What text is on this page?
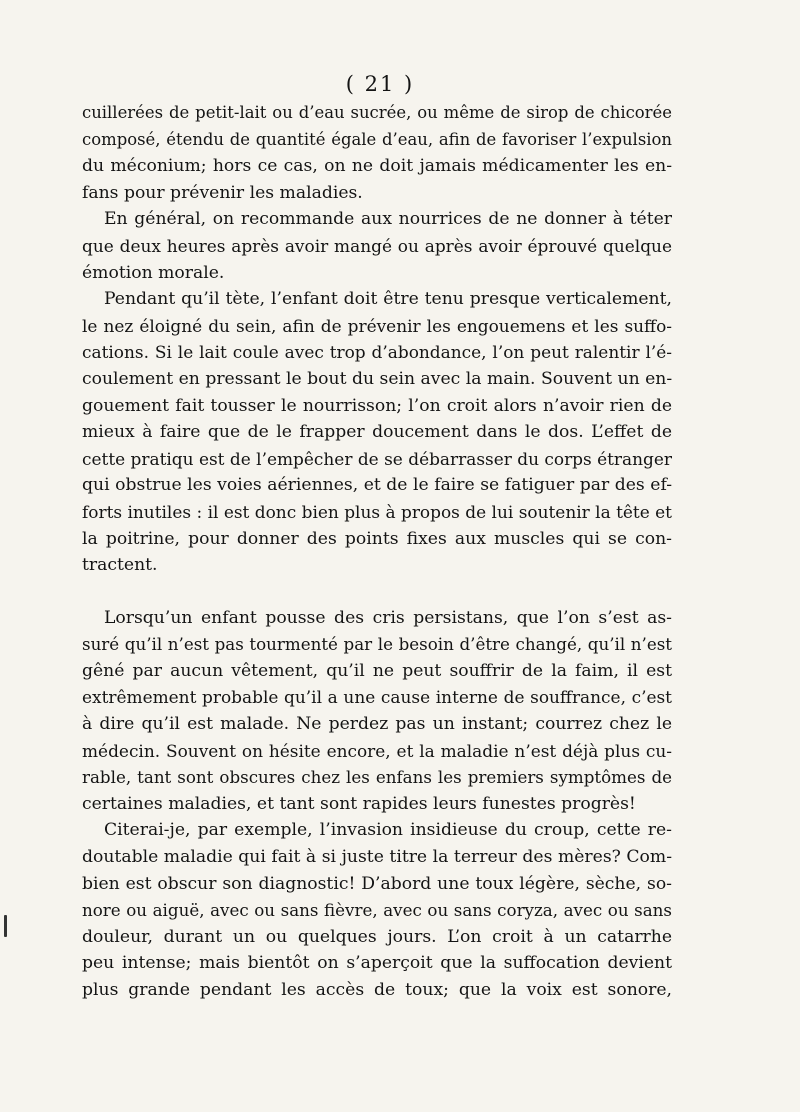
( 21 )
cuillerées de petit-lait ou d’eau sucrée, ou même de sirop de chicorée
composé, étendu de quantité égale d’eau, afin de favoriser l’expulsion
du méconium; hors ce cas, on ne doit jamais médicamenter les en-
fans pour prévenir les maladies.
En général, on recommande aux nourrices de ne donner à téter
que deux heures après avoir mangé ou après avoir éprouvé quelque
émotion morale.
Pendant qu’il tète, l’enfant doit être tenu presque verticalement,
le nez éloigné du sein, afin de prévenir les engouemens et les suffo-
cations. Si le lait coule avec trop d’abondance, l’on peut ralentir l’é-
coulement en pressant le bout du sein avec la main. Souvent un en-
gouement fait tousser le nourrisson; l’on croit alors n’avoir rien de
mieux à faire que de le frapper doucement dans le dos. L’effet de
cette pratiqu est de l’empêcher de se débarrasser du corps étranger
qui obstrue les voies aériennes, et de le faire se fatiguer par des ef-
forts inutiles : il est donc bien plus à propos de lui soutenir la tête et
la poitrine, pour donner des points fixes aux muscles qui se con-
tractent.
Lorsqu’un enfant pousse des cris persistans, que l’on s’est as-
suré qu’il n’est pas tourmenté par le besoin d’être changé, qu’il n’est
gêné par aucun vêtement, qu’il ne peut souffrir de la faim, il est
extrêmement probable qu’il a une cause interne de souffrance, c’est
à dire qu’il est malade. Ne perdez pas un instant; courrez chez le
médecin. Souvent on hésite encore, et la maladie n’est déjà plus cu-
rable, tant sont obscures chez les enfans les premiers symptômes de
certaines maladies, et tant sont rapides leurs funestes progrès!
Citerai-je, par exemple, l’invasion insidieuse du croup, cette re-
doutable maladie qui fait à si juste titre la terreur des mères? Com-
bien est obscur son diagnostic! D’abord une toux légère, sèche, so-
nore ou aiguë, avec ou sans fièvre, avec ou sans coryza, avec ou sans
douleur, durant un ou quelques jours. L’on croit à un catarrhe
peu intense; mais bientôt on s’aperçoit que la suffocation devient
plus grande pendant les accès de toux; que la voix est sonore,
